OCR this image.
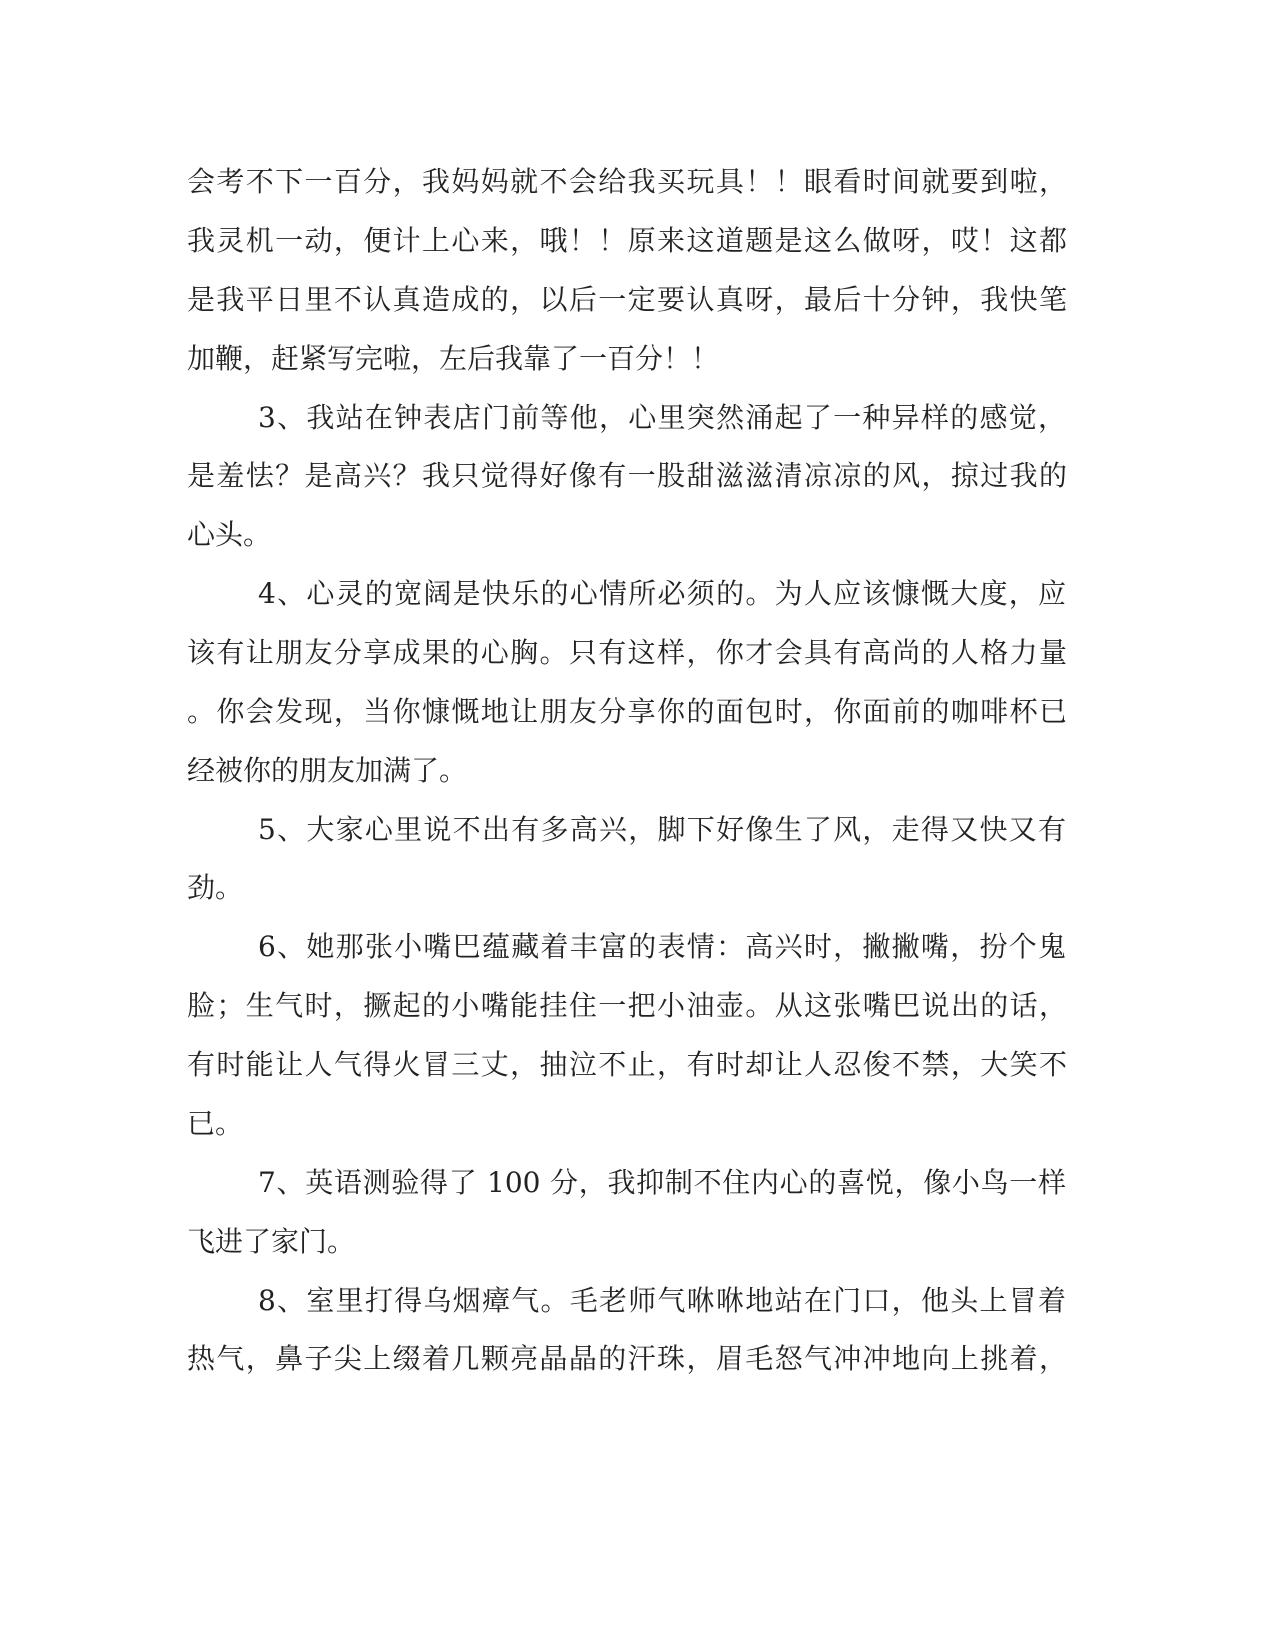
会考不下一百分，我妈妈就不会给我买玩具！！眼看时间就要到啦，
我灵机一动，便计上心来，哦！！原来这道题是这么做呀，哎！这都
是我平日里不认真造成的，以后一定要认真呀，最后十分钟，我快笔
加鞭，赶紧写完啦，左后我靠了一百分！！
3、我站在钟表店门前等他，心里突然涌起了一种异样的感觉，
是羞怯？是高兴？我只觉得好像有一股甜滋滋清凉凉的风，掠过我的
心头。
4、心灵的宽阔是快乐的心情所必须的。为人应该慷慨大度，应
该有让朋友分享成果的心胸。只有这样，你才会具有高尚的人格力量
。你会发现，当你慷慨地让朋友分享你的面包时，你面前的咖啡杯已
经被你的朋友加满了。
5、大家心里说不出有多高兴，脚下好像生了风，走得又快又有
劲。
6、她那张小嘴巴蕴藏着丰富的表情：高兴时，撇撇嘴，扮个鬼
脸；生气时，撅起的小嘴能挂住一把小油壶。从这张嘴巴说出的话，
有时能让人气得火冒三丈，抽泣不止，有时却让人忍俊不禁，大笑不
已。
7、英语测验得了 100 分，我抑制不住内心的喜悦，像小鸟一样
飞进了家门。
8、室里打得乌烟瘴气。毛老师气咻咻地站在门口，他头上冒着
热气，鼻子尖上缀着几颗亮晶晶的汗珠，眉毛怒气冲冲地向上挑着，
